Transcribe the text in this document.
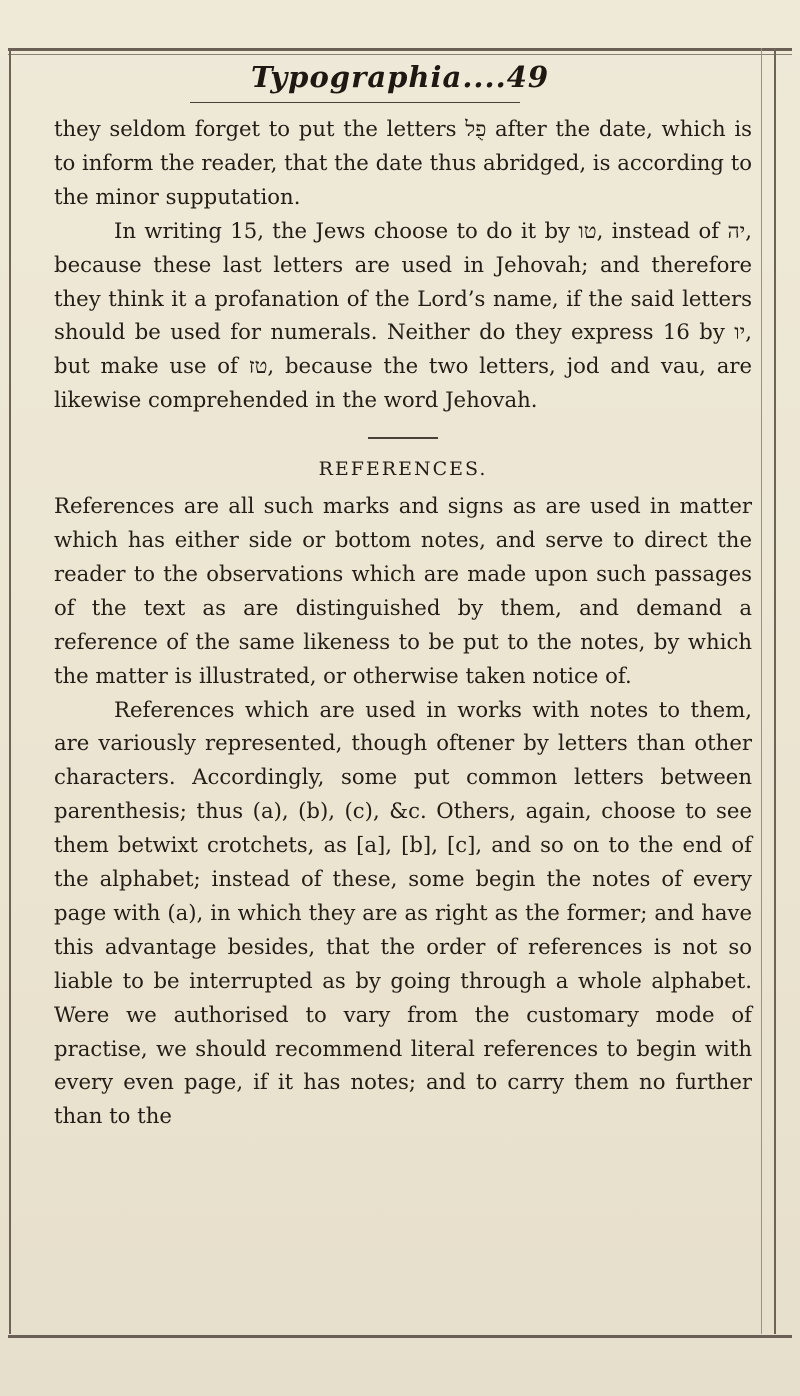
Typographia....49

they seldom forget to put the letters פֻל after the date, which is to inform the reader, that the date thus abridged, is according to the minor supputation.

In writing 15, the Jews choose to do it by טו, instead of יה, because these last letters are used in Jehovah; and therefore they think it a profanation of the Lord’s name, if the said letters should be used for numerals. Neither do they express 16 by יו, but make use of טז, because the two letters, jod and vau, are likewise comprehended in the word Jehovah.

REFERENCES.

References are all such marks and signs as are used in matter which has either side or bottom notes, and serve to direct the reader to the observations which are made upon such passages of the text as are distinguished by them, and demand a reference of the same likeness to be put to the notes, by which the matter is illustrated, or otherwise taken notice of.

References which are used in works with notes to them, are variously represented, though oftener by letters than other characters. Accordingly, some put common letters between parenthesis; thus (a), (b), (c), &c. Others, again, choose to see them betwixt crotchets, as [a], [b], [c], and so on to the end of the alphabet; instead of these, some begin the notes of every page with (a), in which they are as right as the former; and have this advantage besides, that the order of references is not so liable to be interrupted as by going through a whole alphabet. Were we authorised to vary from the customary mode of practise, we should recommend literal references to begin with every even page, if it has notes; and to carry them no further than to the
